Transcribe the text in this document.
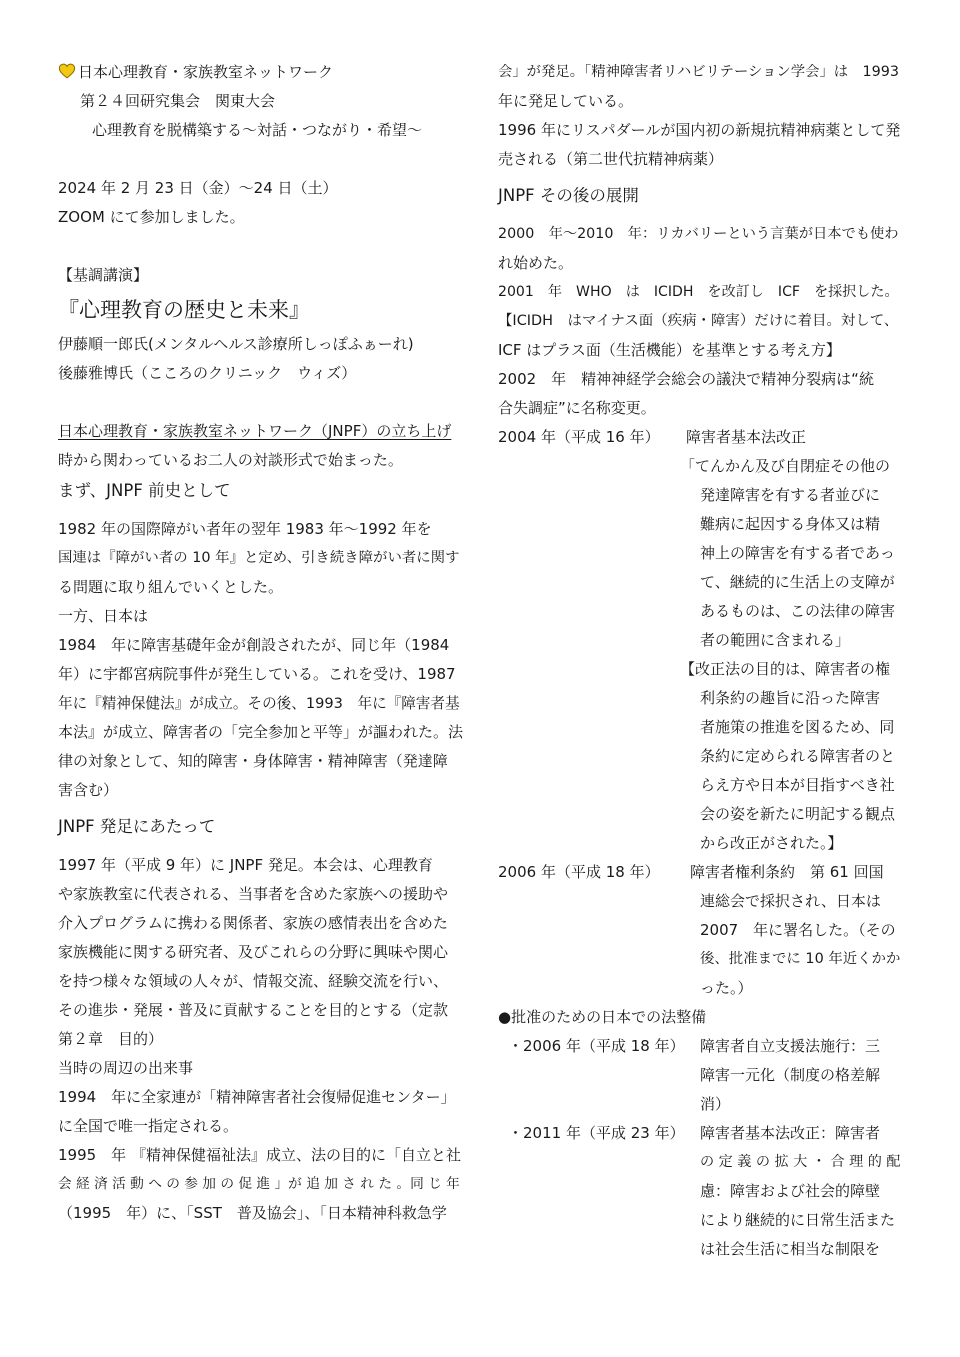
日本心理教育・家族教室ネットワーク
第２４回研究集会　関東大会
心理教育を脱構築する～対話・つながり・希望～
2024 年 2 月 23 日（金）～24 日（土）
ZOOM にて参加しました。
【基調講演】
『心理教育の歴史と未来』
伊藤順一郎氏(メンタルヘルス診療所しっぽふぁーれ)
後藤雅博氏（こころのクリニック　ウィズ）
日本心理教育・家族教室ネットワーク（JNPF）の立ち上げ
時から関わっているお二人の対談形式で始まった。
まず、JNPF 前史として
1982 年の国際障がい者年の翌年 1983 年～1992 年を
国連は『障がい者の 10 年』と定め、引き続き障がい者に関す
る問題に取り組んでいくとした。
一方、日本は
1984　年に障害基礎年金が創設されたが、同じ年（1984
年）に宇都宮病院事件が発生している。これを受け、1987
年に『精神保健法』が成立。その後、1993　年に『障害者基
本法』が成立、障害者の「完全参加と平等」が謳われた。法
律の対象として、知的障害・身体障害・精神障害（発達障
害含む）
JNPF 発足にあたって
1997 年（平成 9 年）に JNPF 発足。本会は、心理教育
や家族教室に代表される、当事者を含めた家族への援助や
介入プログラムに携わる関係者、家族の感情表出を含めた
家族機能に関する研究者、及びこれらの分野に興味や関心
を持つ様々な領域の人々が、情報交流、経験交流を行い、
その進歩・発展・普及に貢献することを目的とする（定款
第２章　目的）
当時の周辺の出来事
1994　年に全家連が「精神障害者社会復帰促進センター」
に全国で唯一指定される。
1995　年 『精神保健福祉法』成立、法の目的に「自立と社
会 経 済 活 動 へ の 参 加 の 促 進 」が 追 加 さ れ た 。同 じ 年
（1995　年）に、「SST　普及協会」、「日本精神科救急学
会」が発足。「精神障害者リハビリテーション学会」は　1993
年に発足している。
1996 年にリスパダールが国内初の新規抗精神病薬として発
売される（第二世代抗精神病薬）
JNPF その後の展開
2000　年～2010　年：リカバリーという言葉が日本でも使わ
れ始めた。
2001　年　WHO　は　ICIDH　を改訂し　ICF　を採択した。
【ICIDH　はマイナス面（疾病・障害）だけに着目。対して、
ICF はプラス面（生活機能）を基準とする考え方】
2002　年　精神神経学会総会の議決で精神分裂病は“統
合失調症”に名称変更。
2004 年（平成 16 年）	障害者基本法改正
「てんかん及び自閉症その他の
発達障害を有する者並びに
難病に起因する身体又は精
神上の障害を有する者であっ
て、継続的に生活上の支障が
あるものは、この法律の障害
者の範囲に含まれる」
【改正法の目的は、障害者の権
利条約の趣旨に沿った障害
者施策の推進を図るため、同
条約に定められる障害者のと
らえ方や日本が目指すべき社
会の姿を新たに明記する観点
から改正がされた。】
2006 年（平成 18 年）	障害者権利条約　第 61 回国
連総会で採択され、日本は
2007　年に署名した。（その
後、批准までに 10 年近くかか
った。）
●批准のための日本での法整備
・2006 年（平成 18 年）	障害者自立支援法施行：三
障害一元化（制度の格差解
消）
・2011 年（平成 23 年）	障害者基本法改正：障害者
の 定 義 の 拡 大 ・ 合 理 的 配
慮：障害および社会的障壁
により継続的に日常生活また
は社会生活に相当な制限を
